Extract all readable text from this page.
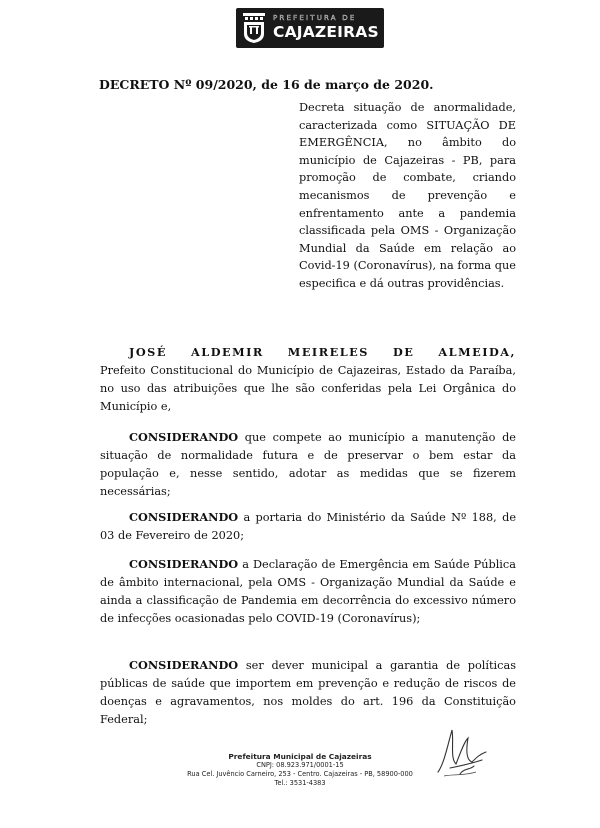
PREFEITURA DE
CAJAZEIRAS
DECRETO Nº 09/2020, de 16 de março de 2020.
Decreta situação de anormalidade, caracterizada como SITUAÇÃO DE EMERGÊNCIA, no âmbito do município de Cajazeiras - PB, para promoção de combate, criando mecanismos de prevenção e enfrentamento ante a pandemia classificada pela OMS - Organização Mundial da Saúde em relação ao Covid-19 (Coronavírus), na forma que especifica e dá outras providências.
JOSÉ ALDEMIR MEIRELES DE ALMEIDA, Prefeito Constitucional do Município de Cajazeiras, Estado da Paraíba, no uso das atribuições que lhe são conferidas pela Lei Orgânica do Município e,
CONSIDERANDO que compete ao município a manutenção de situação de normalidade futura e de preservar o bem estar da população e, nesse sentido, adotar as medidas que se fizerem necessárias;
CONSIDERANDO a portaria do Ministério da Saúde Nº 188, de 03 de Fevereiro de 2020;
CONSIDERANDO a Declaração de Emergência em Saúde Pública de âmbito internacional, pela OMS - Organização Mundial da Saúde e ainda a classificação de Pandemia em decorrência do excessivo número de infecções ocasionadas pelo COVID-19 (Coronavírus);
CONSIDERANDO ser dever municipal a garantia de políticas públicas de saúde que importem em prevenção e redução de riscos de doenças e agravamentos, nos moldes do art. 196 da Constituição Federal;
Prefeitura Municipal de Cajazeiras
CNPJ: 08.923.971/0001-15
Rua Cel. Juvêncio Carneiro, 253 - Centro. Cajazeiras - PB, 58900-000
Tel.: 3531-4383
